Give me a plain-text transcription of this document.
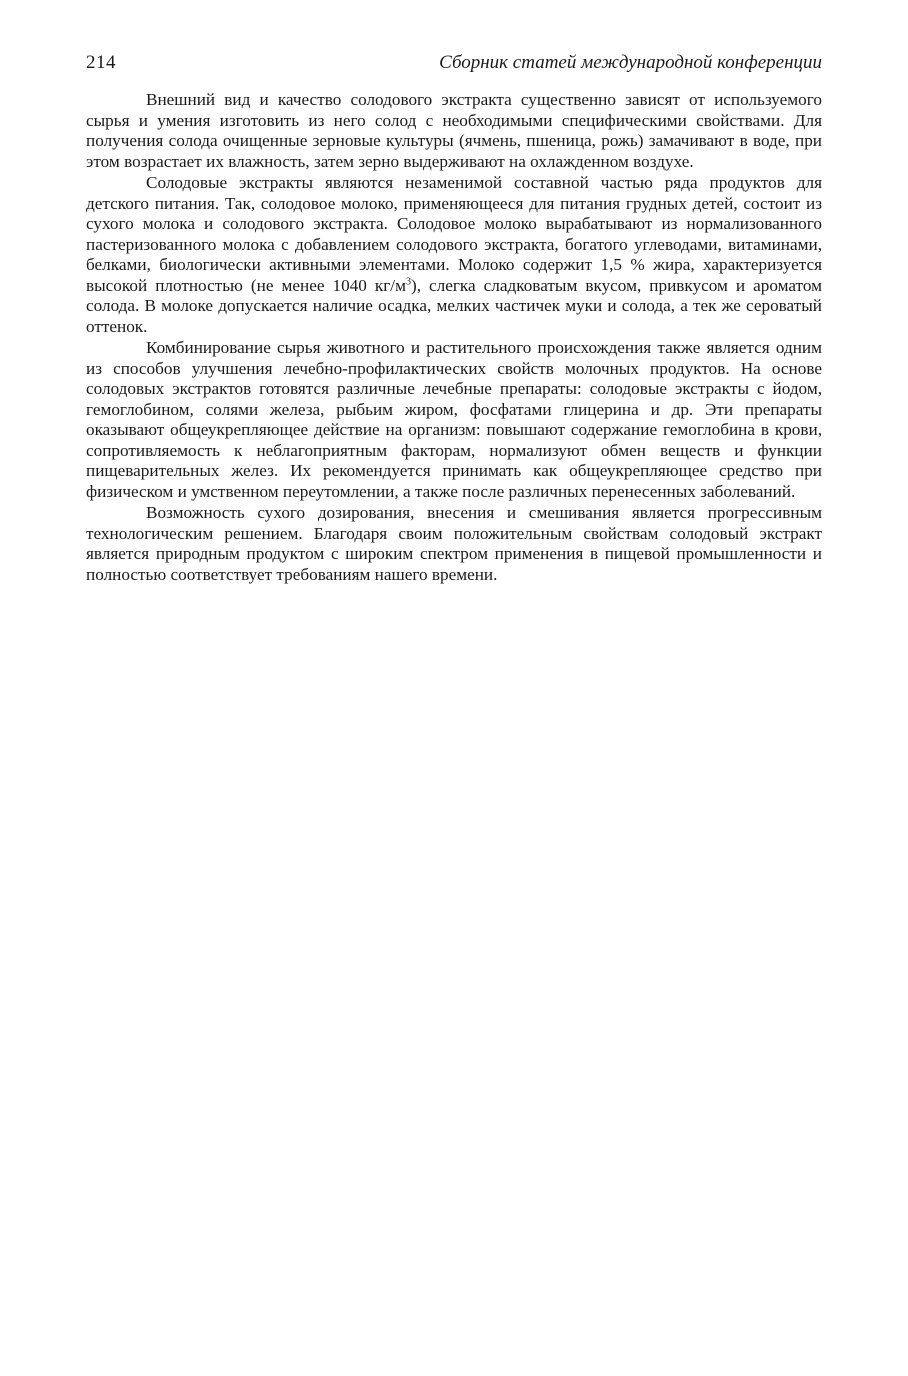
214	Сборник статей международной конференции

Внешний вид и качество солодового экстракта существенно зависят от используемого сырья и умения изготовить из него солод с необходимыми специфическими свойствами. Для получения солода очищенные зерновые культуры (ячмень, пшеница, рожь) замачивают в воде, при этом возрастает их влажность, затем зерно выдерживают на охлажденном воздухе.

Солодовые экстракты являются незаменимой составной частью ряда продуктов для детского питания. Так, солодовое молоко, применяющееся для питания грудных детей, состоит из сухого молока и солодового экстракта. Солодовое молоко вырабатывают из нормализованного пастеризованного молока с добавлением солодового экстракта, богатого углеводами, витаминами, белками, биологически активными элементами. Молоко содержит 1,5 % жира, характеризуется высокой плотностью (не менее 1040 $кг/м^3$), слегка сладковатым вкусом, привкусом и ароматом солода. В молоке допускается наличие осадка, мелких частичек муки и солода, а тек же сероватый оттенок.

Комбинирование сырья животного и растительного происхождения также является одним из способов улучшения лечебно-профилактических свойств молочных продуктов. На основе солодовых экстрактов готовятся различные лечебные препараты: солодовые экстракты с йодом, гемоглобином, солями железа, рыбьим жиром, фосфатами глицерина и др. Эти препараты оказывают общеукрепляющее действие на организм: повышают содержание гемоглобина в крови, сопротивляемость к неблагоприятным факторам, нормализуют обмен веществ и функции пищеварительных желез. Их рекомендуется принимать как общеукрепляющее средство при физическом и умственном переутомлении, а также после различных перенесенных заболеваний.

Возможность сухого дозирования, внесения и смешивания является прогрессивным технологическим решением. Благодаря своим положительным свойствам солодовый экстракт является природным продуктом с широким спектром применения в пищевой промышленности и полностью соответствует требованиям нашего времени.
